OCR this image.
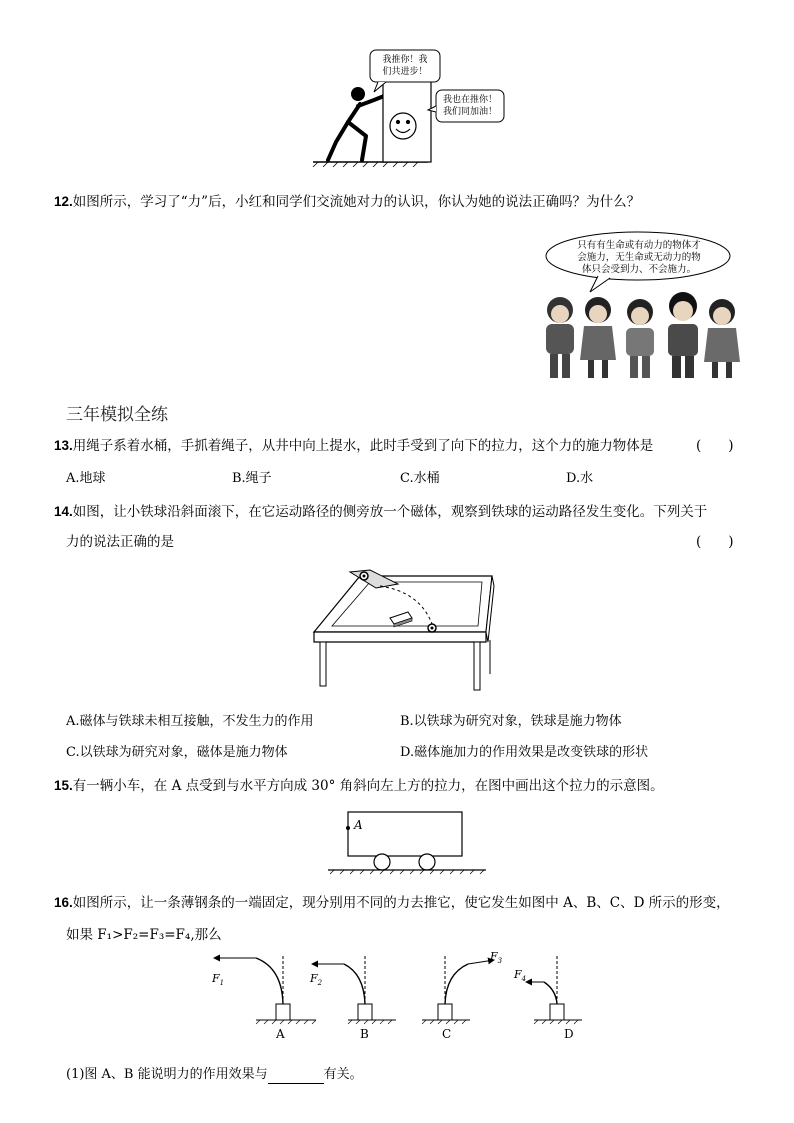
我推你！我
们共进步！
我也在推你！
我们同加油！
12.如图所示，学习了“力”后，小红和同学们交流她对力的认识，你认为她的说法正确吗？为什么？
只有有生命或有动力的物体才
会施力，无生命或无动力的物
体只会受到力、不会施力。
三年模拟全练
13.用绳子系着水桶，手抓着绳子，从井中向上提水，此时手受到了向下的拉力，这个力的施力物体是	(　　)
A.地球	B.绳子	C.水桶	D.水
14.如图，让小铁球沿斜面滚下，在它运动路径的侧旁放一个磁体，观察到铁球的运动路径发生变化。下列关于
力的说法正确的是	(　　)
A.磁体与铁球未相互接触，不发生力的作用	B.以铁球为研究对象，铁球是施力物体
C.以铁球为研究对象，磁体是施力物体	D.磁体施加力的作用效果是改变铁球的形状
15.有一辆小车，在 A 点受到与水平方向成 30° 角斜向左上方的拉力，在图中画出这个拉力的示意图。
A
16.如图所示，让一条薄钢条的一端固定，现分别用不同的力去推它，使它发生如图中 A、B、C、D 所示的形变，
如果 F₁>F₂=F₃=F₄,那么
$F_1$	$F_2$
$F_3$
$F_4$
A	B	C	D
(1)图 A、B 能说明力的作用效果与	有关。
